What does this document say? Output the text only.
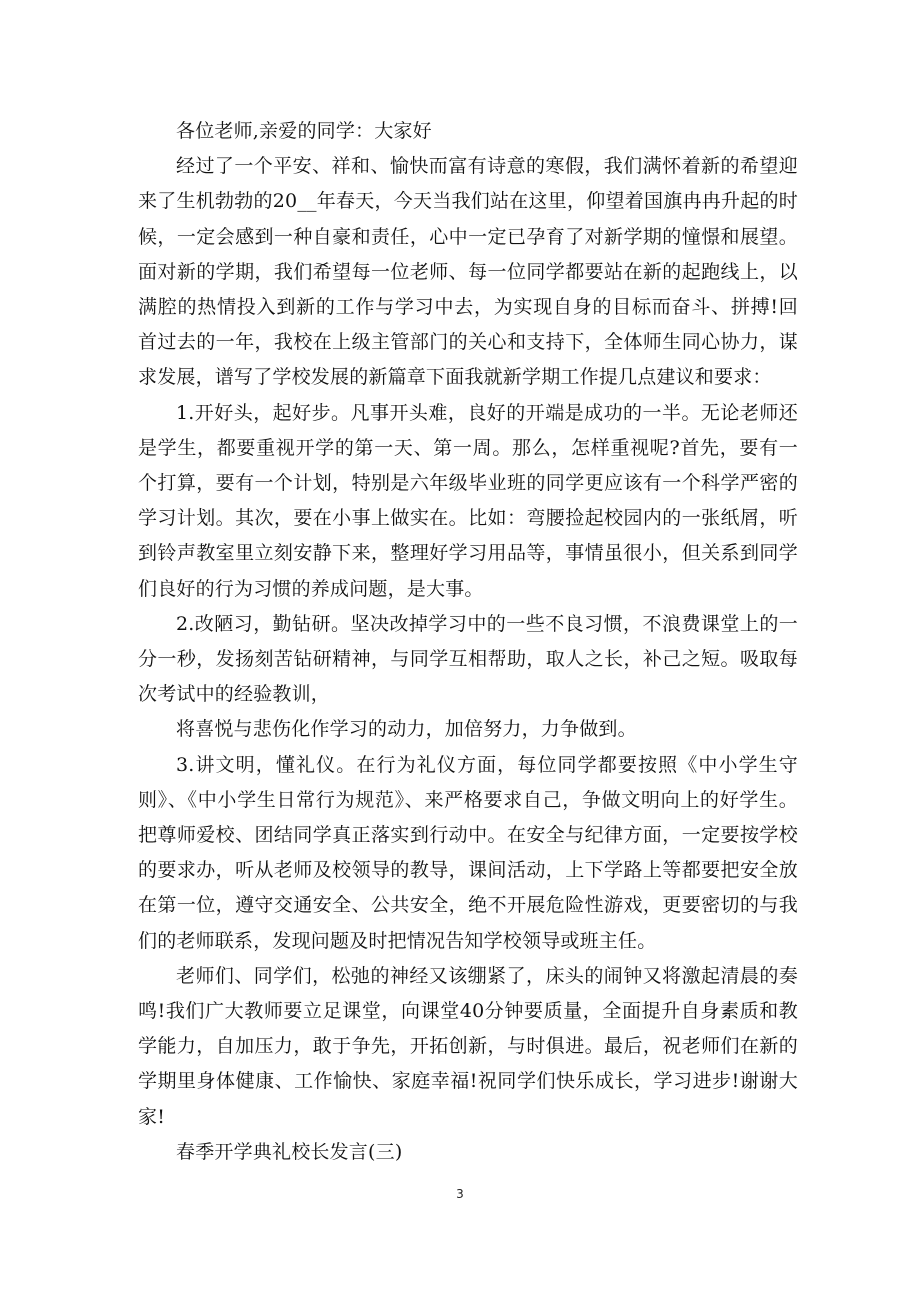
各位老师,亲爱的同学：大家好

经过了一个平安、祥和、愉快而富有诗意的寒假，我们满怀着新的希望迎来了生机勃勃的20__年春天，今天当我们站在这里，仰望着国旗冉冉升起的时候，一定会感到一种自豪和责任，心中一定已孕育了对新学期的憧憬和展望。面对新的学期，我们希望每一位老师、每一位同学都要站在新的起跑线上，以满腔的热情投入到新的工作与学习中去，为实现自身的目标而奋斗、拼搏!回首过去的一年，我校在上级主管部门的关心和支持下，全体师生同心协力，谋求发展，谱写了学校发展的新篇章下面我就新学期工作提几点建议和要求：

1.开好头，起好步。凡事开头难，良好的开端是成功的一半。无论老师还是学生，都要重视开学的第一天、第一周。那么，怎样重视呢?首先，要有一个打算，要有一个计划，特别是六年级毕业班的同学更应该有一个科学严密的学习计划。其次，要在小事上做实在。比如：弯腰捡起校园内的一张纸屑，听到铃声教室里立刻安静下来，整理好学习用品等，事情虽很小，但关系到同学们良好的行为习惯的养成问题，是大事。

2.改陋习，勤钻研。坚决改掉学习中的一些不良习惯，不浪费课堂上的一分一秒，发扬刻苦钻研精神，与同学互相帮助，取人之长，补己之短。吸取每次考试中的经验教训，

将喜悦与悲伤化作学习的动力，加倍努力，力争做到。

3.讲文明，懂礼仪。在行为礼仪方面，每位同学都要按照《中小学生守则》、《中小学生日常行为规范》、来严格要求自己，争做文明向上的好学生。把尊师爱校、团结同学真正落实到行动中。在安全与纪律方面，一定要按学校的要求办，听从老师及校领导的教导，课间活动，上下学路上等都要把安全放在第一位，遵守交通安全、公共安全，绝不开展危险性游戏，更要密切的与我们的老师联系，发现问题及时把情况告知学校领导或班主任。

老师们、同学们，松弛的神经又该绷紧了，床头的闹钟又将激起清晨的奏鸣!我们广大教师要立足课堂，向课堂40分钟要质量，全面提升自身素质和教学能力，自加压力，敢于争先，开拓创新，与时俱进。最后，祝老师们在新的学期里身体健康、工作愉快、家庭幸福!祝同学们快乐成长，学习进步!谢谢大家!

春季开学典礼校长发言(三)

3
